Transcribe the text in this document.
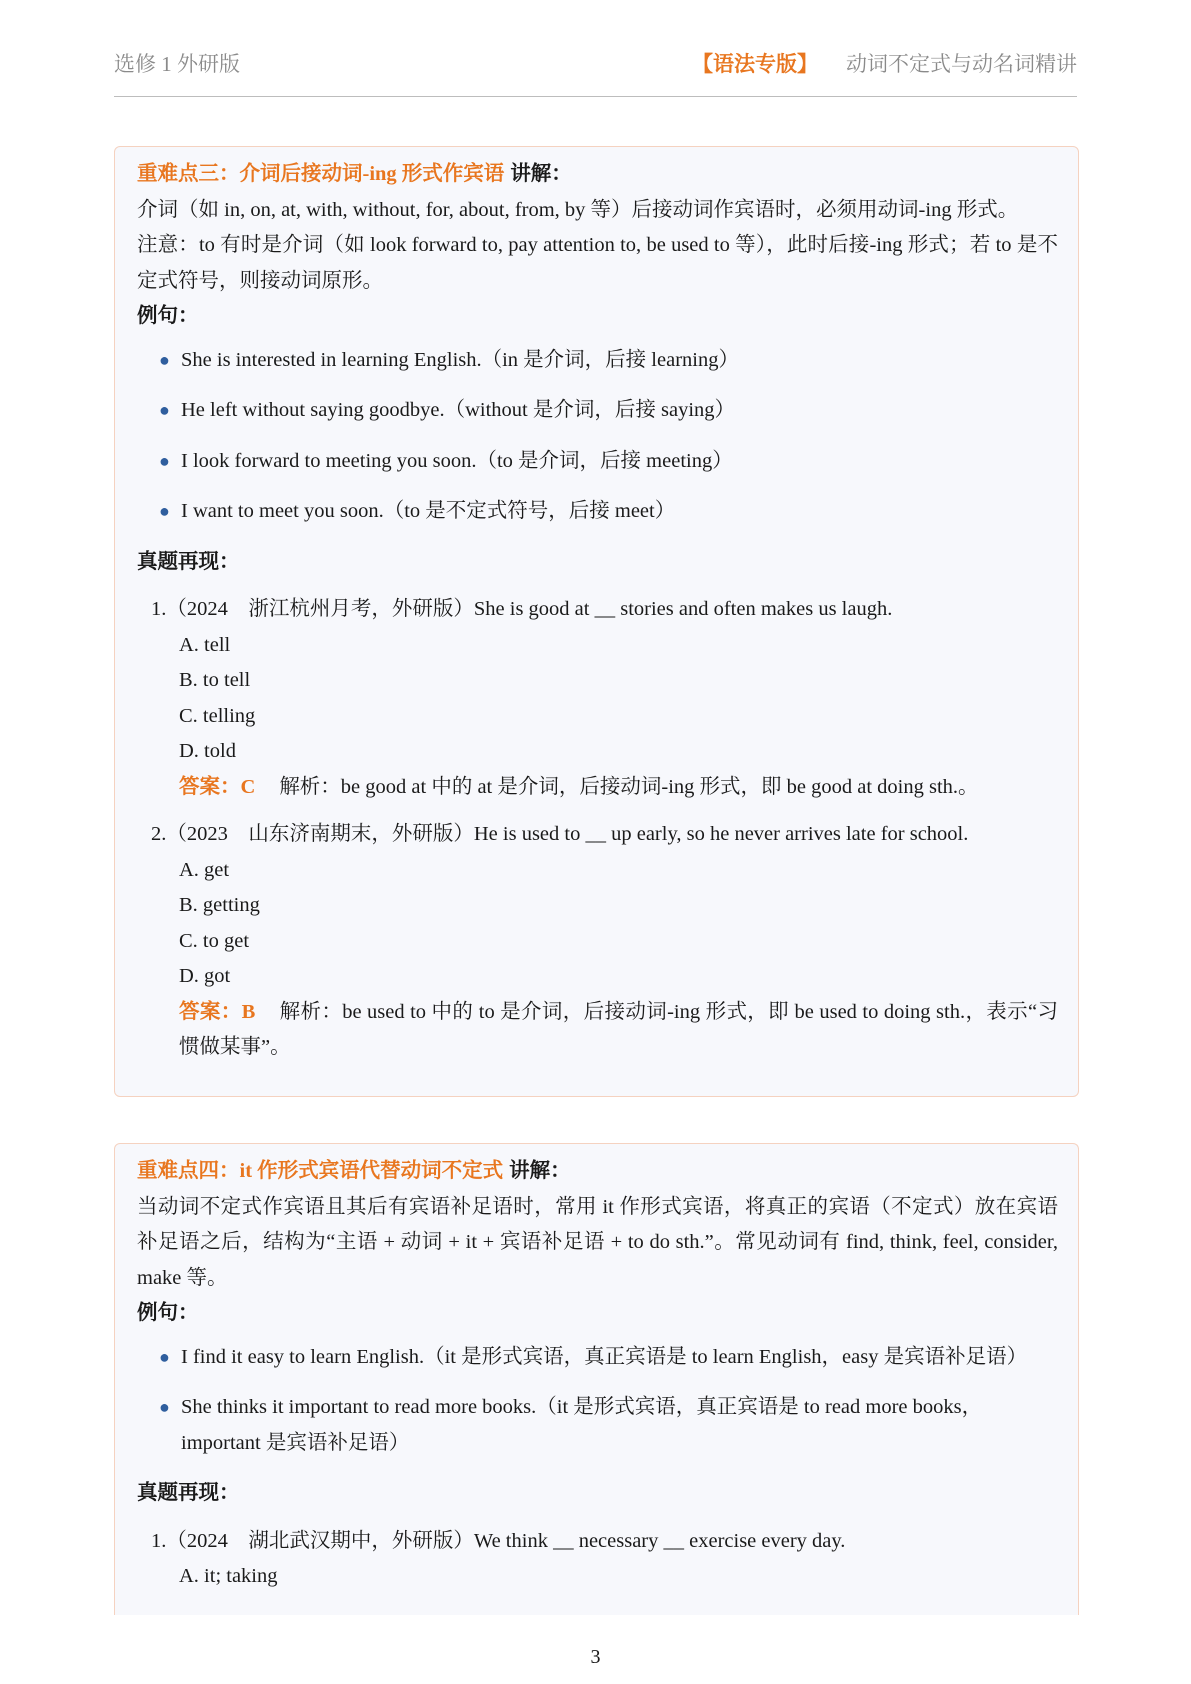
选修 1 外研版	【语法专版】 动词不定式与动名词精讲
重难点三：介词后接动词-ing 形式作宾语 讲解：
介词（如 in, on, at, with, without, for, about, from, by 等）后接动词作宾语时，必须用动词-ing 形式。
注意：to 有时是介词（如 look forward to, pay attention to, be used to 等），此时后接-ing 形式；若 to 是不定式符号，则接动词原形。
例句：
● She is interested in learning English.（in 是介词，后接 learning）
● He left without saying goodbye.（without 是介词，后接 saying）
● I look forward to meeting you soon.（to 是介词，后接 meeting）
● I want to meet you soon.（to 是不定式符号，后接 meet）
真题再现：
1.（2024　浙江杭州月考，外研版）She is good at __ stories and often makes us laugh.
A. tell
B. to tell
C. telling
D. told
答案：C 解析：be good at 中的 at 是介词，后接动词-ing 形式，即 be good at doing sth.。
2.（2023　山东济南期末，外研版）He is used to __ up early, so he never arrives late for school.
A. get
B. getting
C. to get
D. got
答案：B 解析：be used to 中的 to 是介词，后接动词-ing 形式，即 be used to doing sth.，表示“习惯做某事”。
重难点四：it 作形式宾语代替动词不定式 讲解：
当动词不定式作宾语且其后有宾语补足语时，常用 it 作形式宾语，将真正的宾语（不定式）放在宾语补足语之后，结构为“主语 + 动词 + it + 宾语补足语 + to do sth.”。常见动词有 find, think, feel, consider, make 等。
例句：
● I find it easy to learn English.（it 是形式宾语，真正宾语是 to learn English，easy 是宾语补足语）
● She thinks it important to read more books.（it 是形式宾语，真正宾语是 to read more books，important 是宾语补足语）
真题再现：
1.（2024　湖北武汉期中，外研版）We think __ necessary __ exercise every day.
A. it; taking
3
